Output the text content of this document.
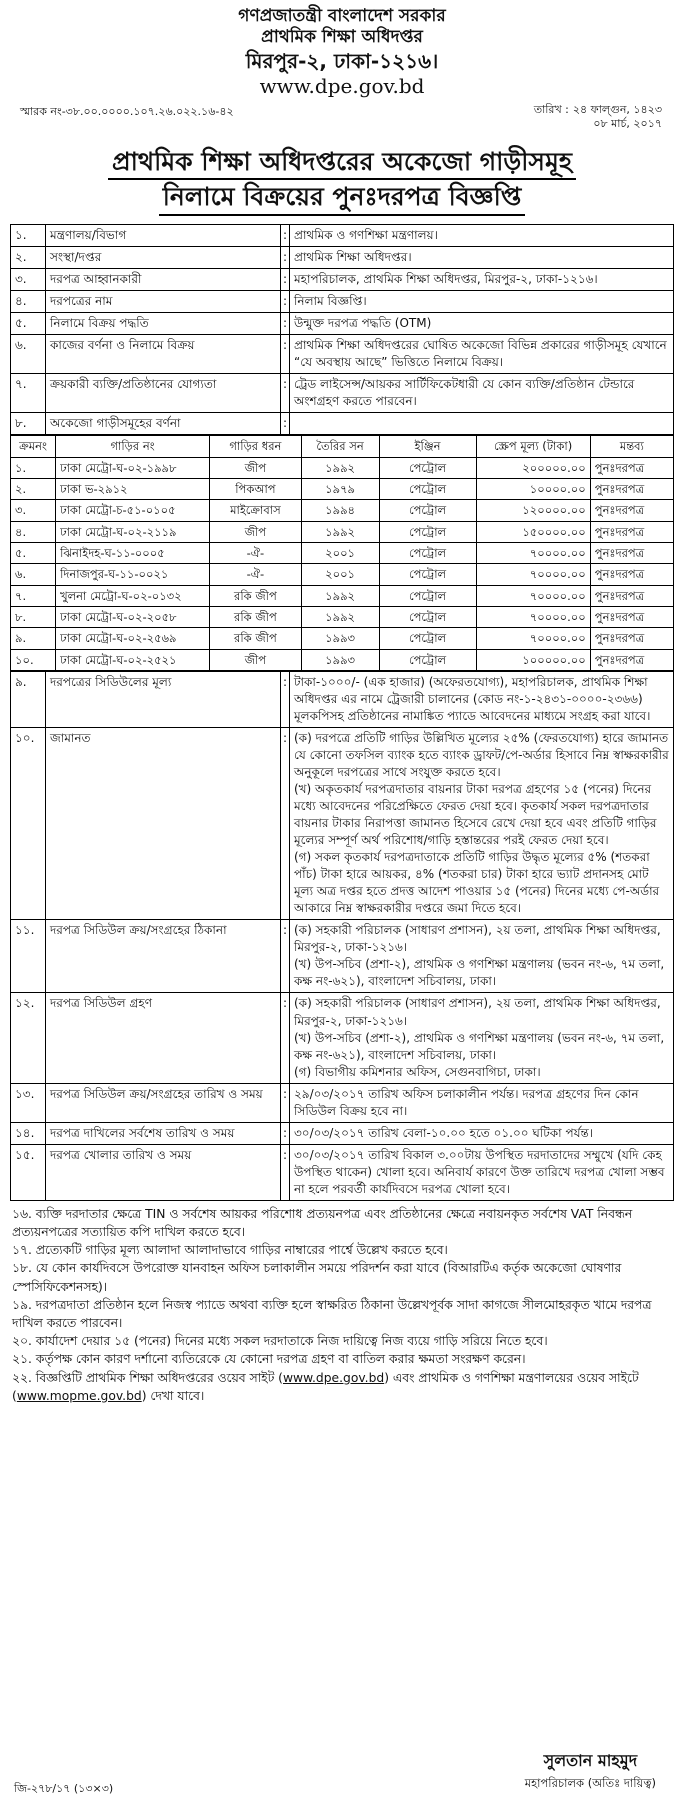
গণপ্রজাতন্ত্রী বাংলাদেশ সরকার
প্রাথমিক শিক্ষা অধিদপ্তর
মিরপুর-২, ঢাকা-১২১৬।
www.dpe.gov.bd
স্মারক নং-৩৮.০০.০০০০.১০৭.২৬.০২২.১৬-৪২	তারিখ : ২৪ ফাল্গুন, ১৪২৩
০৮ মার্চ, ২০১৭
প্রাথমিক শিক্ষা অধিদপ্তরের অকেজো গাড়ীসমূহ
নিলামে বিক্রয়ের পুনঃদরপত্র বিজ্ঞপ্তি
১.	মন্ত্রণালয়/বিভাগ	:	প্রাথমিক ও গণশিক্ষা মন্ত্রণালয়।
২.	সংস্থা/দপ্তর	:	প্রাথমিক শিক্ষা অধিদপ্তর।
৩.	দরপত্র আহ্বানকারী	:	মহাপরিচালক, প্রাথমিক শিক্ষা অধিদপ্তর, মিরপুর-২, ঢাকা-১২১৬।
৪.	দরপত্রের নাম	:	নিলাম বিজ্ঞপ্তি।
৫.	নিলামে বিক্রয় পদ্ধতি	:	উন্মুক্ত দরপত্র পদ্ধতি (OTM)
৬.	কাজের বর্ণনা ও নিলামে বিক্রয়	:	প্রাথমিক শিক্ষা অধিদপ্তরের ঘোষিত অকেজো বিভিন্ন প্রকারের গাড়ীসমূহ যেখানে “যে অবস্থায় আছে” ভিত্তিতে নিলামে বিক্রয়।
৭.	ক্রয়কারী ব্যক্তি/প্রতিষ্ঠানের যোগ্যতা	:	ট্রেড লাইসেন্স/আয়কর সার্টিফিকেটধারী যে কোন ব্যক্তি/প্রতিষ্ঠান টেন্ডারে অংশগ্রহণ করতে পারবেন।
৮.	অকেজো গাড়ীসমূহের বর্ণনা	:	
ক্রমনং	গাড়ির নং	গাড়ির ধরন	তৈরির সন	ইঞ্জিন	স্ক্রেপ মূল্য (টাকা)	মন্তব্য
১.	ঢাকা মেট্রো-ঘ-০২-১৯৯৮	জীপ	১৯৯২	পেট্রোল	২০০০০০.০০	পুনঃদরপত্র
২.	ঢাকা ভ-২৯১২	পিকআপ	১৯৭৯	পেট্রোল	১০০০০.০০	পুনঃদরপত্র
৩.	ঢাকা মেট্রো-চ-৫১-০১০৫	মাইক্রোবাস	১৯৯৪	পেট্রোল	১২০০০০.০০	পুনঃদরপত্র
৪.	ঢাকা মেট্রো-ঘ-০২-২১১৯	জীপ	১৯৯২	পেট্রোল	১৫০০০০.০০	পুনঃদরপত্র
৫.	ঝিনাইদহ-ঘ-১১-০০০৫	-ঐ-	২০০১	পেট্রোল	৭০০০০.০০	পুনঃদরপত্র
৬.	দিনাজপুর-ঘ-১১-০০২১	-ঐ-	২০০১	পেট্রোল	৭০০০০.০০	পুনঃদরপত্র
৭.	খুলনা মেট্রো-ঘ-০২-০১৩২	রকি জীপ	১৯৯২	পেট্রোল	৭০০০০.০০	পুনঃদরপত্র
৮.	ঢাকা মেট্রো-ঘ-০২-২০৫৮	রকি জীপ	১৯৯২	পেট্রোল	৭০০০০.০০	পুনঃদরপত্র
৯.	ঢাকা মেট্রো-ঘ-০২-২৫৬৯	রকি জীপ	১৯৯৩	পেট্রোল	৭০০০০.০০	পুনঃদরপত্র
১০.	ঢাকা মেট্রো-ঘ-০২-২৫২১	জীপ	১৯৯৩	পেট্রোল	১০০০০০.০০	পুনঃদরপত্র
৯.	দরপত্রের সিডিউলের মূল্য	:	টাকা-১০০০/- (এক হাজার) (অফেরতযোগ্য), মহাপরিচালক, প্রাথমিক শিক্ষা অধিদপ্তর এর নামে ট্রেজারী চালানের (কোড নং-১-২৪৩১-০০০০-২৩৬৬) মূলকপিসহ প্রতিষ্ঠানের নামাঙ্কিত প্যাডে আবেদনের মাধ্যমে সংগ্রহ করা যাবে।
১০.	জামানত	:	(ক) দরপত্রে প্রতিটি গাড়ির উল্লিখিত মূল্যের ২৫% (ফেরতযোগ্য) হারে জামানত যে কোনো তফসিল ব্যাংক হতে ব্যাংক ড্রাফট/পে-অর্ডার হিসাবে নিম্ন স্বাক্ষরকারীর অনুকূলে দরপত্রের সাথে সংযুক্ত করতে হবে।
(খ) অকৃতকার্য দরপত্রদাতার বায়নার টাকা দরপত্র গ্রহণের ১৫ (পনের) দিনের মধ্যে আবেদনের পরিপ্রেক্ষিতে ফেরত দেয়া হবে। কৃতকার্য সকল দরপত্রদাতার বায়নার টাকার নিরাপত্তা জামানত হিসেবে রেখে দেয়া হবে এবং প্রতিটি গাড়ির মূল্যের সম্পূর্ণ অর্থ পরিশোধ/গাড়ি হস্তান্তরের পরই ফেরত দেয়া হবে।
(গ) সকল কৃতকার্য দরপত্রদাতাকে প্রতিটি গাড়ির উদ্ধৃত মূল্যের ৫% (শতকরা পাঁচ) টাকা হারে আয়কর, ৪% (শতকরা চার) টাকা হারে ভ্যাট প্রদানসহ মোট মূল্য অত্র দপ্তর হতে প্রদত্ত আদেশ পাওয়ার ১৫ (পনের) দিনের মধ্যে পে-অর্ডার আকারে নিম্ন স্বাক্ষরকারীর দপ্তরে জমা দিতে হবে।
১১.	দরপত্র সিডিউল ক্রয়/সংগ্রহের ঠিকানা	:	(ক) সহকারী পরিচালক (সাধারণ প্রশাসন), ২য় তলা, প্রাথমিক শিক্ষা অধিদপ্তর, মিরপুর-২, ঢাকা-১২১৬।
(খ) উপ-সচিব (প্রশা-২), প্রাথমিক ও গণশিক্ষা মন্ত্রণালয় (ভবন নং-৬, ৭ম তলা, কক্ষ নং-৬২১), বাংলাদেশ সচিবালয়, ঢাকা।
১২.	দরপত্র সিডিউল গ্রহণ	:	(ক) সহকারী পরিচালক (সাধারণ প্রশাসন), ২য় তলা, প্রাথমিক শিক্ষা অধিদপ্তর, মিরপুর-২, ঢাকা-১২১৬।
(খ) উপ-সচিব (প্রশা-২), প্রাথমিক ও গণশিক্ষা মন্ত্রণালয় (ভবন নং-৬, ৭ম তলা, কক্ষ নং-৬২১), বাংলাদেশ সচিবালয়, ঢাকা।
(গ) বিভাগীয় কমিশনার অফিস, সেগুনবাগিচা, ঢাকা।
১৩.	দরপত্র সিডিউল ক্রয়/সংগ্রহের তারিখ ও সময়	:	২৯/০৩/২০১৭ তারিখ অফিস চলাকালীন পর্যন্ত। দরপত্র গ্রহণের দিন কোন সিডিউল বিক্রয় হবে না।
১৪.	দরপত্র দাখিলের সর্বশেষ তারিখ ও সময়	:	৩০/০৩/২০১৭ তারিখ বেলা-১০.০০ হতে ০১.০০ ঘটিকা পর্যন্ত।
১৫.	দরপত্র খোলার তারিখ ও সময়	:	৩০/০৩/২০১৭ তারিখ বিকাল ৩.০০টায় উপস্থিত দরদাতাদের সম্মুখে (যদি কেহ উপস্থিত থাকেন) খোলা হবে। অনিবার্য কারণে উক্ত তারিখে দরপত্র খোলা সম্ভব না হলে পরবর্তী কার্যদিবসে দরপত্র খোলা হবে।

১৬. ব্যক্তি দরদাতার ক্ষেত্রে TIN ও সর্বশেষ আয়কর পরিশোধ প্রত্যয়নপত্র এবং প্রতিষ্ঠানের ক্ষেত্রে নবায়নকৃত সর্বশেষ VAT নিবন্ধন প্রত্যয়নপত্রের সত্যায়িত কপি দাখিল করতে হবে।

১৭. প্রত্যেকটি গাড়ির মূল্য আলাদা আলাদাভাবে গাড়ির নাম্বারের পার্শ্বে উল্লেখ করতে হবে।

১৮. যে কোন কার্যদিবসে উপরোক্ত যানবাহন অফিস চলাকালীন সময়ে পরিদর্শন করা যাবে (বিআরটিএ কর্তৃক অকেজো ঘোষণার স্পেসিফিকেশনসহ)।

১৯. দরপত্রদাতা প্রতিষ্ঠান হলে নিজস্ব প্যাডে অথবা ব্যক্তি হলে স্বাক্ষরিত ঠিকানা উল্লেখপূর্বক সাদা কাগজে সীলমোহরকৃত খামে দরপত্র দাখিল করতে পারবেন।

২০. কার্যাদেশ দেয়ার ১৫ (পনের) দিনের মধ্যে সকল দরদাতাকে নিজ দায়িত্বে নিজ ব্যয়ে গাড়ি সরিয়ে নিতে হবে।

২১. কর্তৃপক্ষ কোন কারণ দর্শানো ব্যতিরেকে যে কোনো দরপত্র গ্রহণ বা বাতিল করার ক্ষমতা সংরক্ষণ করেন।

২২. বিজ্ঞপ্তিটি প্রাথমিক শিক্ষা অধিদপ্তরের ওয়েব সাইট (www.dpe.gov.bd) এবং প্রাথমিক ও গণশিক্ষা মন্ত্রণালয়ের ওয়েব সাইটে (www.mopme.gov.bd) দেখা যাবে।

সুলতান মাহমুদ
মহাপরিচালক (অতিঃ দায়িত্ব)
জি-২৭৮/১৭ (১৩×৩)
